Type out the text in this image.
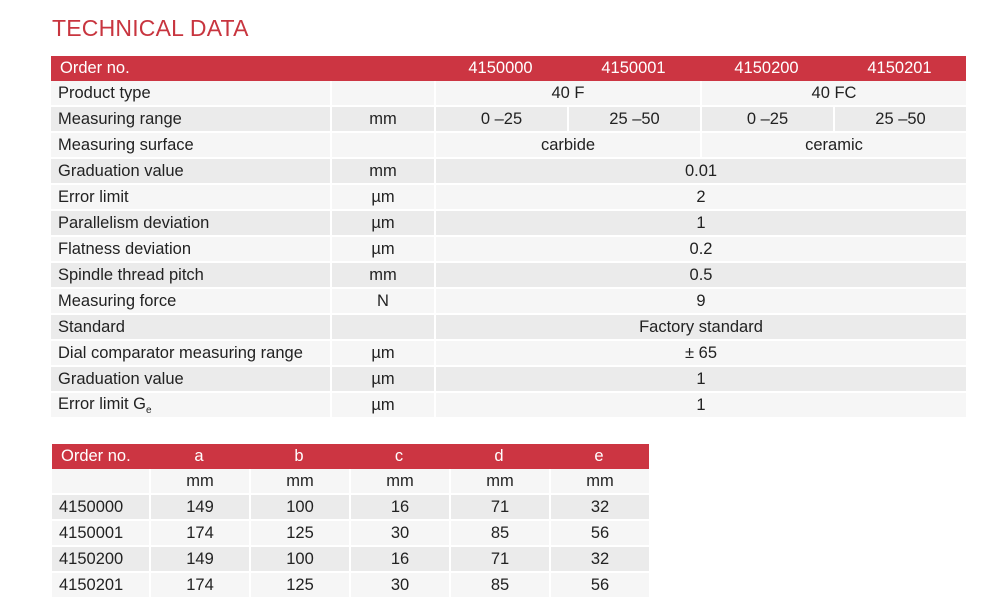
TECHNICAL DATA
Order no.		4150000	4150001	4150200	4150201
Product type		40 F		40 FC	
Measuring range	mm	0 –25	25 –50	0 –25	25 –50
Measuring surface		carbide		ceramic	
Graduation value	mm	0.01			
Error limit	µm	2			
Parallelism deviation	µm	1			
Flatness deviation	µm	0.2			
Spindle thread pitch	mm	0.5			
Measuring force	N	9			
Standard		Factory standard			
Dial comparator measuring range	µm	± 65			
Graduation value	µm	1			
Error limit $G_e$	µm	1			
Order no.	a	b	c	d	e
	mm	mm	mm	mm	mm
4150000	149	100	16	71	32
4150001	174	125	30	85	56
4150200	149	100	16	71	32
4150201	174	125	30	85	56
